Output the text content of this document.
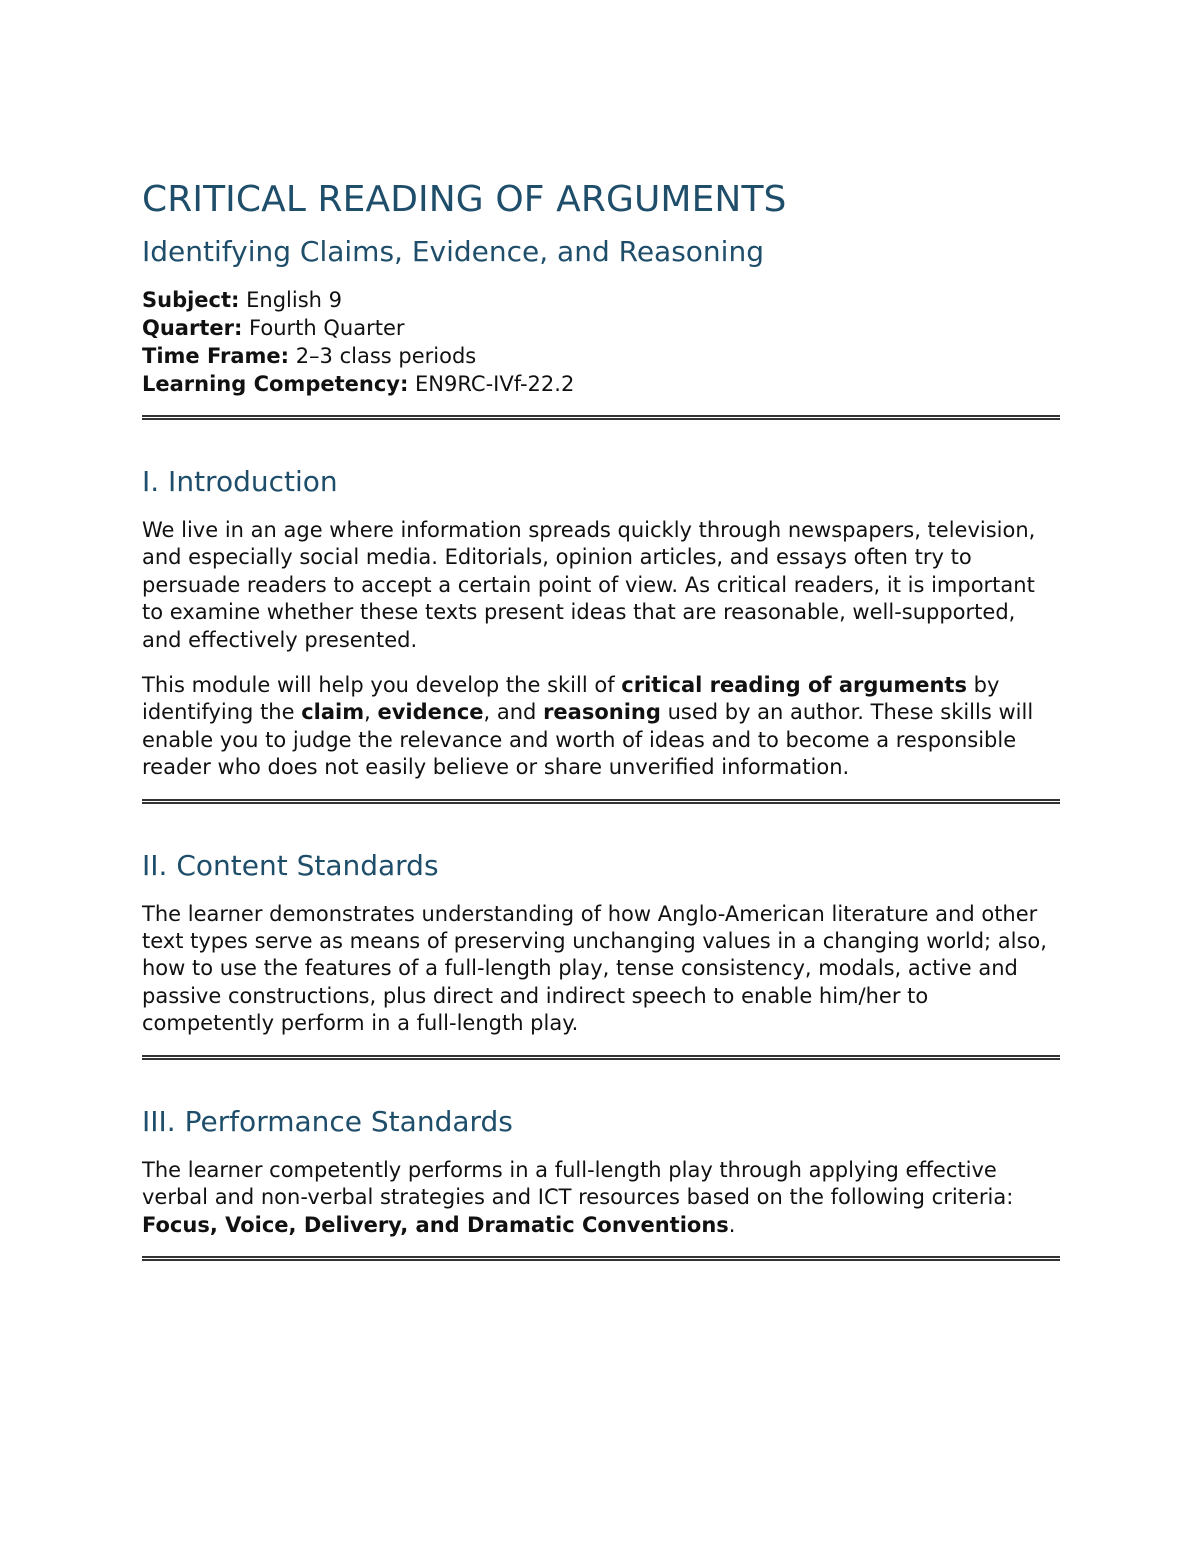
CRITICAL READING OF ARGUMENTS
Identifying Claims, Evidence, and Reasoning
Subject: English 9
Quarter: Fourth Quarter
Time Frame: 2–3 class periods
Learning Competency: EN9RC-IVf-22.2
I. Introduction

We live in an age where information spreads quickly through newspapers, television, and especially social media. Editorials, opinion articles, and essays often try to persuade readers to accept a certain point of view. As critical readers, it is important to examine whether these texts present ideas that are reasonable, well-supported, and effectively presented.

This module will help you develop the skill of critical reading of arguments by identifying the claim, evidence, and reasoning used by an author. These skills will enable you to judge the relevance and worth of ideas and to become a responsible reader who does not easily believe or share unverified information.

II. Content Standards

The learner demonstrates understanding of how Anglo-American literature and other text types serve as means of preserving unchanging values in a changing world; also, how to use the features of a full-length play, tense consistency, modals, active and passive constructions, plus direct and indirect speech to enable him/her to competently perform in a full-length play.

III. Performance Standards

The learner competently performs in a full-length play through applying effective verbal and non-verbal strategies and ICT resources based on the following criteria: Focus, Voice, Delivery, and Dramatic Conventions.
